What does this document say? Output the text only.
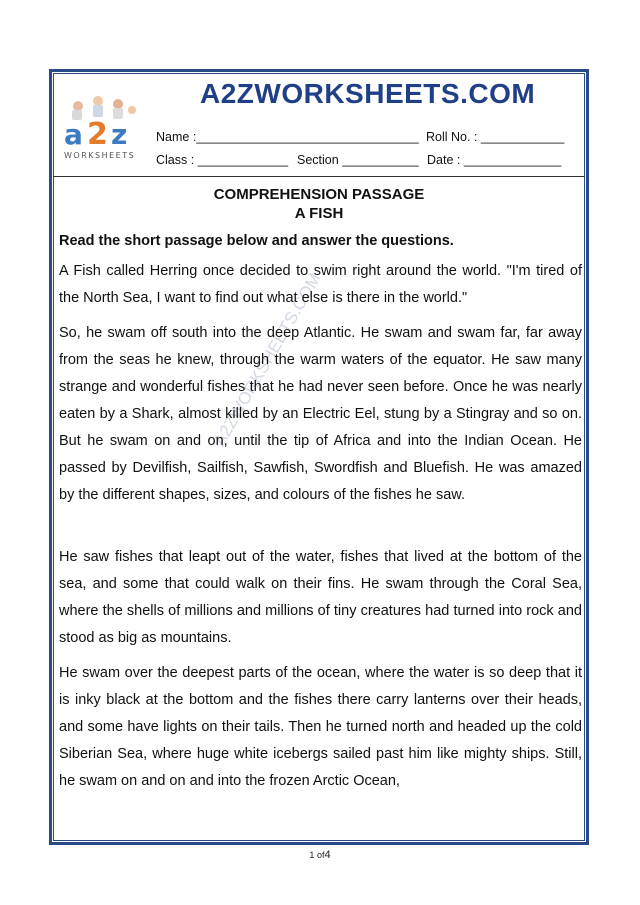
a 2 z
WORKSHEETS
A2ZWORKSHEETS.COM
Name :________________________________ Roll No. : ____________
Class : _____________ Section ___________ Date : ______________
COMPREHENSION PASSAGE
A FISH
Read the short passage below and answer the questions.
A2ZWORKSHEETS.COM

A Fish called Herring once decided to swim right around the world. "I'm tired of the North Sea, I want to find out what else is there in the world."

So, he swam off south into the deep Atlantic. He swam and swam far, far away from the seas he knew, through the warm waters of the equator. He saw many strange and wonderful fishes that he had never seen before. Once he was nearly eaten by a Shark, almost killed by an Electric Eel, stung by a Stingray and so on. But he swam on and on, until the tip of Africa and into the Indian Ocean. He passed by Devilfish, Sailfish, Sawfish, Swordfish and Bluefish. He was amazed by the different shapes, sizes, and colours of the fishes he saw.

He saw fishes that leapt out of the water, fishes that lived at the bottom of the sea, and some that could walk on their fins. He swam through the Coral Sea, where the shells of millions and millions of tiny creatures had turned into rock and stood as big as mountains.

He swam over the deepest parts of the ocean, where the water is so deep that it is inky black at the bottom and the fishes there carry lanterns over their heads, and some have lights on their tails. Then he turned north and headed up the cold Siberian Sea, where huge white icebergs sailed past him like mighty ships. Still, he swam on and on and into the frozen Arctic Ocean,

1 of4
